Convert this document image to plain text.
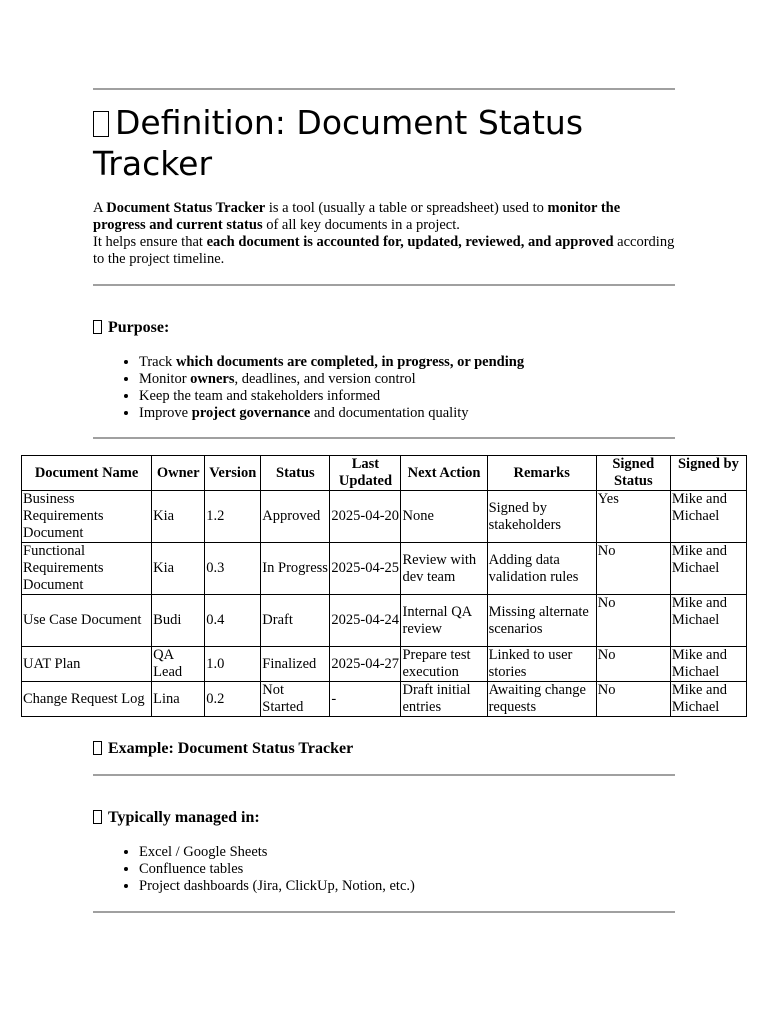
Definition: Document Status Tracker

A Document Status Tracker is a tool (usually a table or spreadsheet) used to monitor the progress and current status of all key documents in a project.
It helps ensure that each document is accounted for, updated, reviewed, and approved according to the project timeline.

Purpose:
• Track which documents are completed, in progress, or pending
• Monitor owners, deadlines, and version control
• Keep the team and stakeholders informed
• Improve project governance and documentation quality
Document Name	Owner	Version	Status	Last Updated	Next Action	Remarks	Signed Status	Signed by
Business Requirements Document	Kia	1.2	Approved	2025-04-20	None	Signed by stakeholders	Yes	Mike and Michael
Functional Requirements Document	Kia	0.3	In Progress	2025-04-25	Review with dev team	Adding data validation rules	No	Mike and Michael
Use Case Document	Budi	0.4	Draft	2025-04-24	Internal QA review	Missing alternate scenarios	No	Mike and Michael
UAT Plan	QA Lead	1.0	Finalized	2025-04-27	Prepare test execution	Linked to user stories	No	Mike and Michael
Change Request Log	Lina	0.2	Not Started	-	Draft initial entries	Awaiting change requests	No	Mike and Michael
Example: Document Status Tracker
Typically managed in:
• Excel / Google Sheets
• Confluence tables
• Project dashboards (Jira, ClickUp, Notion, etc.)
